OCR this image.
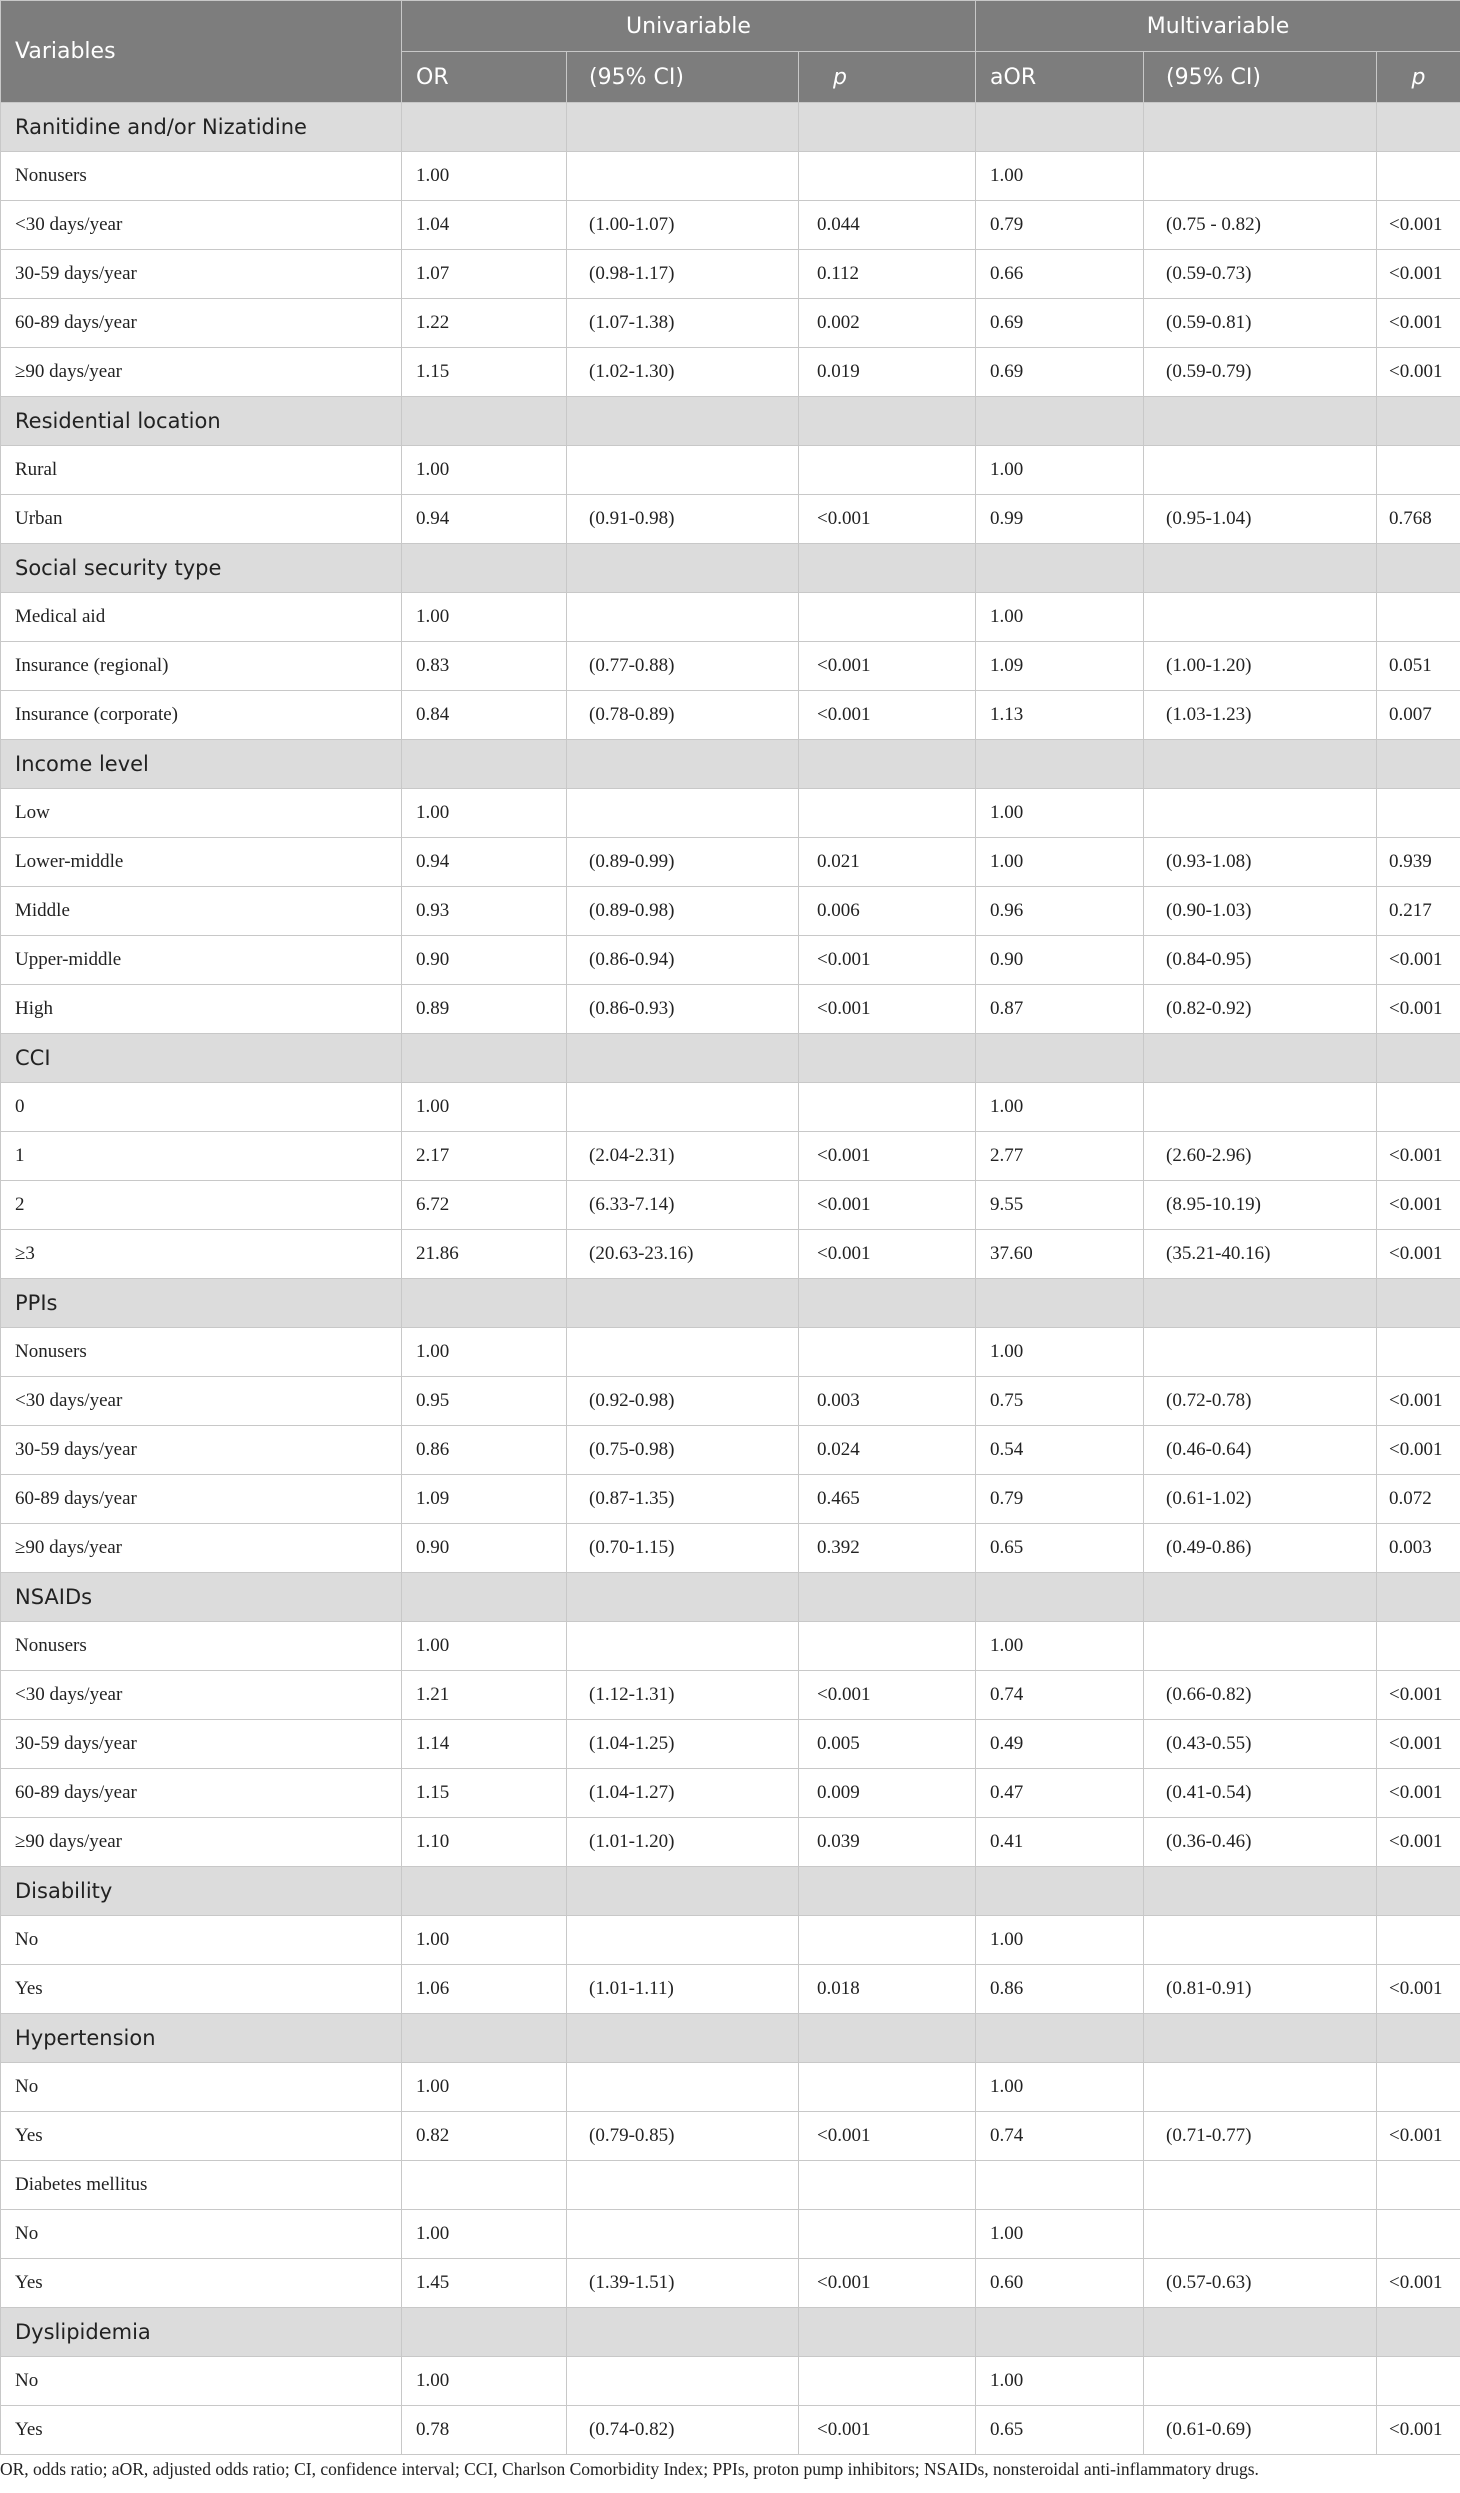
Variables	Univariable			Multivariable		
	OR	(95% CI)	p	aOR	(95% CI)	p
Ranitidine and/or Nizatidine						
Nonusers	1.00			1.00		
<30 days/year	1.04	(1.00-1.07)	0.044	0.79	(0.75 - 0.82)	<0.001
30-59 days/year	1.07	(0.98-1.17)	0.112	0.66	(0.59-0.73)	<0.001
60-89 days/year	1.22	(1.07-1.38)	0.002	0.69	(0.59-0.81)	<0.001
≥90 days/year	1.15	(1.02-1.30)	0.019	0.69	(0.59-0.79)	<0.001
Residential location						
Rural	1.00			1.00		
Urban	0.94	(0.91-0.98)	<0.001	0.99	(0.95-1.04)	0.768
Social security type						
Medical aid	1.00			1.00		
Insurance (regional)	0.83	(0.77-0.88)	<0.001	1.09	(1.00-1.20)	0.051
Insurance (corporate)	0.84	(0.78-0.89)	<0.001	1.13	(1.03-1.23)	0.007
Income level						
Low	1.00			1.00		
Lower-middle	0.94	(0.89-0.99)	0.021	1.00	(0.93-1.08)	0.939
Middle	0.93	(0.89-0.98)	0.006	0.96	(0.90-1.03)	0.217
Upper-middle	0.90	(0.86-0.94)	<0.001	0.90	(0.84-0.95)	<0.001
High	0.89	(0.86-0.93)	<0.001	0.87	(0.82-0.92)	<0.001
CCI						
0	1.00			1.00		
1	2.17	(2.04-2.31)	<0.001	2.77	(2.60-2.96)	<0.001
2	6.72	(6.33-7.14)	<0.001	9.55	(8.95-10.19)	<0.001
≥3	21.86	(20.63-23.16)	<0.001	37.60	(35.21-40.16)	<0.001
PPIs						
Nonusers	1.00			1.00		
<30 days/year	0.95	(0.92-0.98)	0.003	0.75	(0.72-0.78)	<0.001
30-59 days/year	0.86	(0.75-0.98)	0.024	0.54	(0.46-0.64)	<0.001
60-89 days/year	1.09	(0.87-1.35)	0.465	0.79	(0.61-1.02)	0.072
≥90 days/year	0.90	(0.70-1.15)	0.392	0.65	(0.49-0.86)	0.003
NSAIDs						
Nonusers	1.00			1.00		
<30 days/year	1.21	(1.12-1.31)	<0.001	0.74	(0.66-0.82)	<0.001
30-59 days/year	1.14	(1.04-1.25)	0.005	0.49	(0.43-0.55)	<0.001
60-89 days/year	1.15	(1.04-1.27)	0.009	0.47	(0.41-0.54)	<0.001
≥90 days/year	1.10	(1.01-1.20)	0.039	0.41	(0.36-0.46)	<0.001
Disability						
No	1.00			1.00		
Yes	1.06	(1.01-1.11)	0.018	0.86	(0.81-0.91)	<0.001
Hypertension						
No	1.00			1.00		
Yes	0.82	(0.79-0.85)	<0.001	0.74	(0.71-0.77)	<0.001
Diabetes mellitus						
No	1.00			1.00		
Yes	1.45	(1.39-1.51)	<0.001	0.60	(0.57-0.63)	<0.001
Dyslipidemia						
No	1.00			1.00		
Yes	0.78	(0.74-0.82)	<0.001	0.65	(0.61-0.69)	<0.001
OR, odds ratio; aOR, adjusted odds ratio; CI, confidence interval; CCI, Charlson Comorbidity Index; PPIs, proton pump inhibitors; NSAIDs, nonsteroidal anti-inflammatory drugs.
